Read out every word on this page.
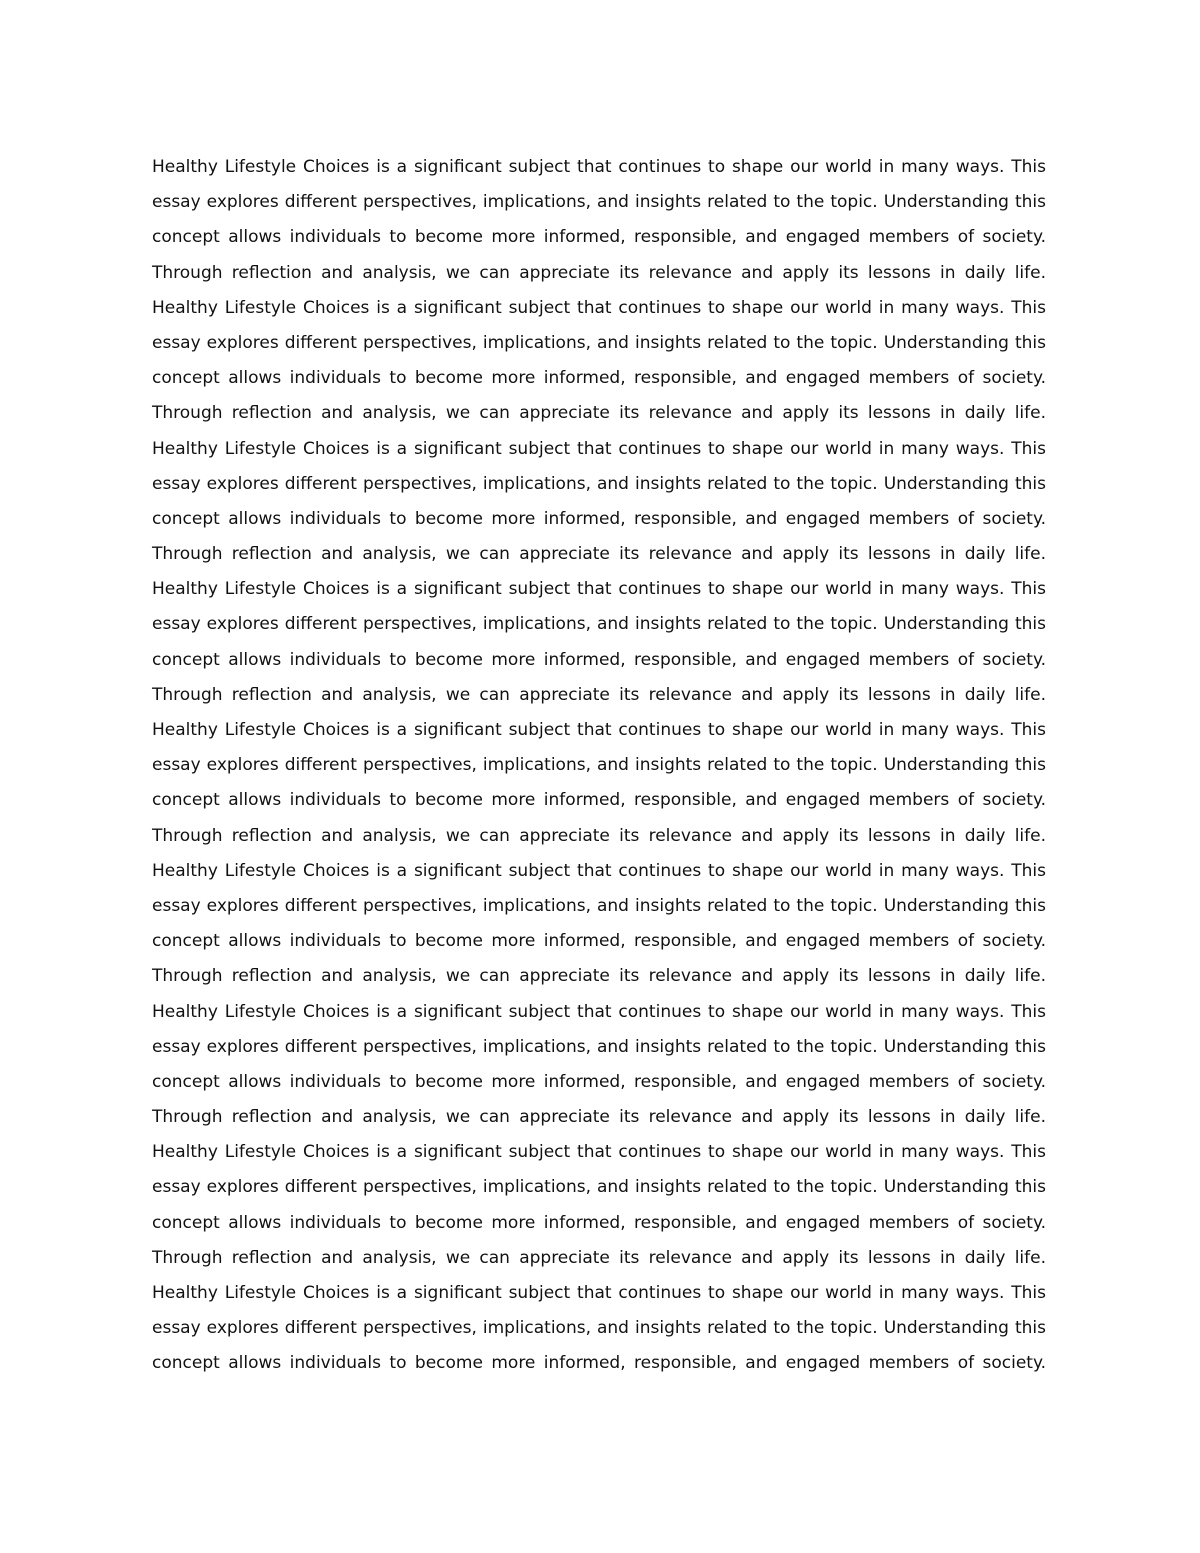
Healthy Lifestyle Choices is a significant subject that continues to shape our world in many ways. This
essay explores different perspectives, implications, and insights related to the topic. Understanding this
concept allows individuals to become more informed, responsible, and engaged members of society.
Through reflection and analysis, we can appreciate its relevance and apply its lessons in daily life.
Healthy Lifestyle Choices is a significant subject that continues to shape our world in many ways. This
essay explores different perspectives, implications, and insights related to the topic. Understanding this
concept allows individuals to become more informed, responsible, and engaged members of society.
Through reflection and analysis, we can appreciate its relevance and apply its lessons in daily life.
Healthy Lifestyle Choices is a significant subject that continues to shape our world in many ways. This
essay explores different perspectives, implications, and insights related to the topic. Understanding this
concept allows individuals to become more informed, responsible, and engaged members of society.
Through reflection and analysis, we can appreciate its relevance and apply its lessons in daily life.
Healthy Lifestyle Choices is a significant subject that continues to shape our world in many ways. This
essay explores different perspectives, implications, and insights related to the topic. Understanding this
concept allows individuals to become more informed, responsible, and engaged members of society.
Through reflection and analysis, we can appreciate its relevance and apply its lessons in daily life.
Healthy Lifestyle Choices is a significant subject that continues to shape our world in many ways. This
essay explores different perspectives, implications, and insights related to the topic. Understanding this
concept allows individuals to become more informed, responsible, and engaged members of society.
Through reflection and analysis, we can appreciate its relevance and apply its lessons in daily life.
Healthy Lifestyle Choices is a significant subject that continues to shape our world in many ways. This
essay explores different perspectives, implications, and insights related to the topic. Understanding this
concept allows individuals to become more informed, responsible, and engaged members of society.
Through reflection and analysis, we can appreciate its relevance and apply its lessons in daily life.
Healthy Lifestyle Choices is a significant subject that continues to shape our world in many ways. This
essay explores different perspectives, implications, and insights related to the topic. Understanding this
concept allows individuals to become more informed, responsible, and engaged members of society.
Through reflection and analysis, we can appreciate its relevance and apply its lessons in daily life.
Healthy Lifestyle Choices is a significant subject that continues to shape our world in many ways. This
essay explores different perspectives, implications, and insights related to the topic. Understanding this
concept allows individuals to become more informed, responsible, and engaged members of society.
Through reflection and analysis, we can appreciate its relevance and apply its lessons in daily life.
Healthy Lifestyle Choices is a significant subject that continues to shape our world in many ways. This
essay explores different perspectives, implications, and insights related to the topic. Understanding this
concept allows individuals to become more informed, responsible, and engaged members of society.
